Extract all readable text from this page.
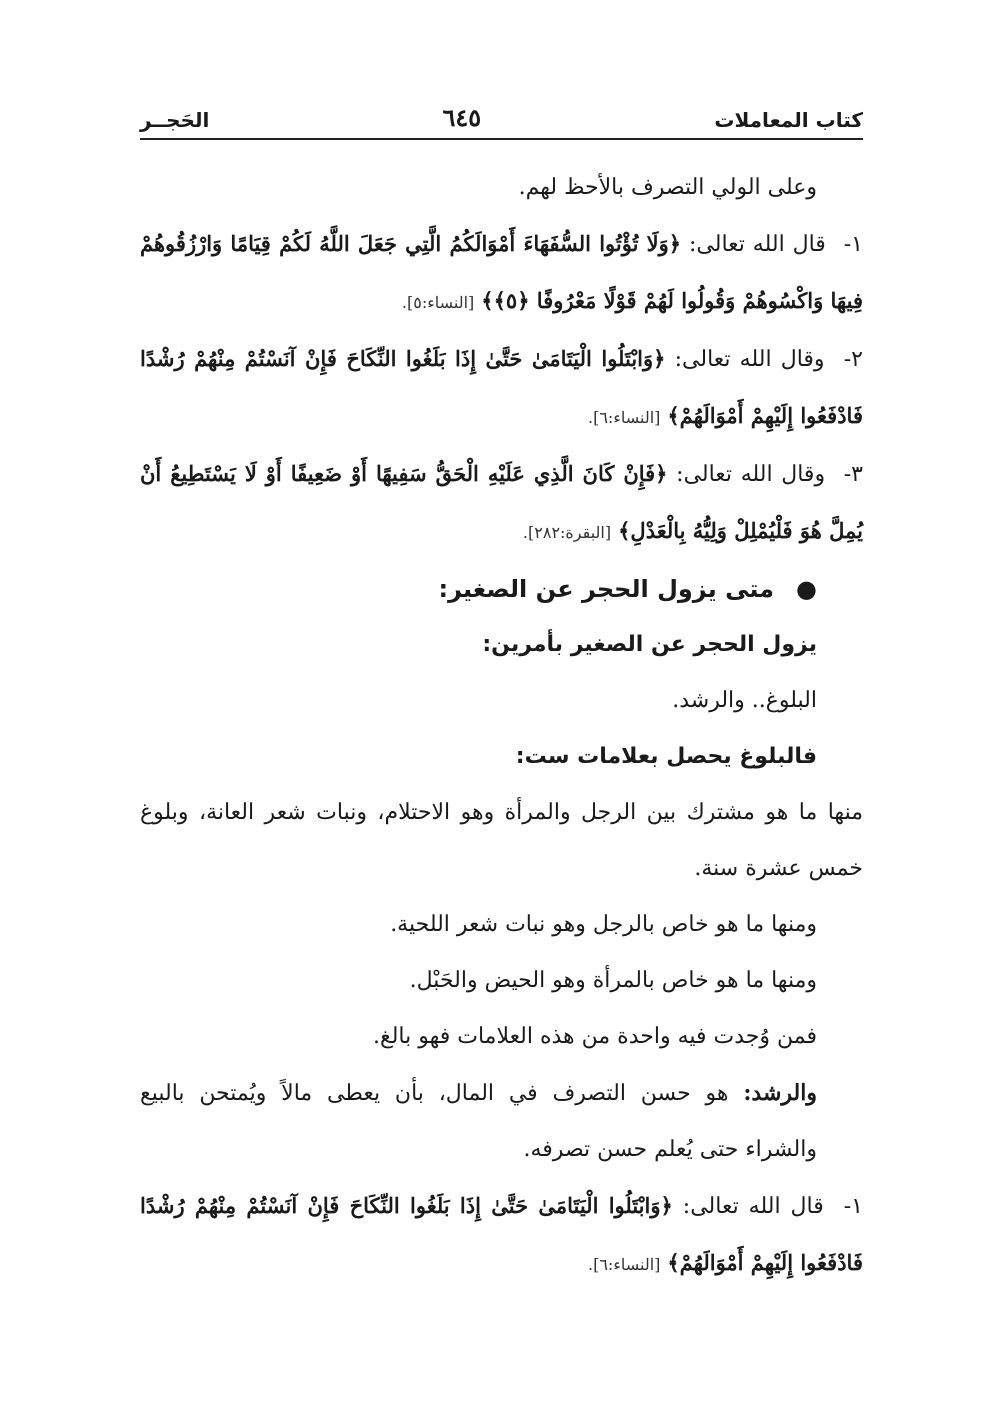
كتاب المعاملات
٦٤٥
الحَجــر

وعلى الولي التصرف بالأحظ لهم.

١- قال الله تعالى: ﴿وَلَا تُؤْتُوا السُّفَهَاءَ أَمْوَالَكُمُ الَّتِي جَعَلَ اللَّهُ لَكُمْ قِيَامًا وَارْزُقُوهُمْ فِيهَا وَاكْسُوهُمْ وَقُولُوا لَهُمْ قَوْلًا مَعْرُوفًا ﴿٥﴾﴾ [النساء:٥].

٢- وقال الله تعالى: ﴿وَابْتَلُوا الْيَتَامَىٰ حَتَّىٰ إِذَا بَلَغُوا النِّكَاحَ فَإِنْ آنَسْتُمْ مِنْهُمْ رُشْدًا فَادْفَعُوا إِلَيْهِمْ أَمْوَالَهُمْ﴾ [النساء:٦].

٣- وقال الله تعالى: ﴿فَإِنْ كَانَ الَّذِي عَلَيْهِ الْحَقُّ سَفِيهًا أَوْ ضَعِيفًا أَوْ لَا يَسْتَطِيعُ أَنْ يُمِلَّ هُوَ فَلْيُمْلِلْ وَلِيُّهُ بِالْعَدْلِ﴾ [البقرة:٢٨٢].

●
متى يزول الحجر عن الصغير:

يزول الحجر عن الصغير بأمرين:

البلوغ.. والرشد.

فالبلوغ يحصل بعلامات ست:

منها ما هو مشترك بين الرجل والمرأة وهو الاحتلام، ونبات شعر العانة، وبلوغ خمس عشرة سنة.

ومنها ما هو خاص بالرجل وهو نبات شعر اللحية.

ومنها ما هو خاص بالمرأة وهو الحيض والحَبْل.

فمن وُجدت فيه واحدة من هذه العلامات فهو بالغ.

والرشد: هو حسن التصرف في المال، بأن يعطى مالاً ويُمتحن بالبيع والشراء حتى يُعلم حسن تصرفه.

١- قال الله تعالى: ﴿وَابْتَلُوا الْيَتَامَىٰ حَتَّىٰ إِذَا بَلَغُوا النِّكَاحَ فَإِنْ آنَسْتُمْ مِنْهُمْ رُشْدًا فَادْفَعُوا إِلَيْهِمْ أَمْوَالَهُمْ﴾ [النساء:٦].
